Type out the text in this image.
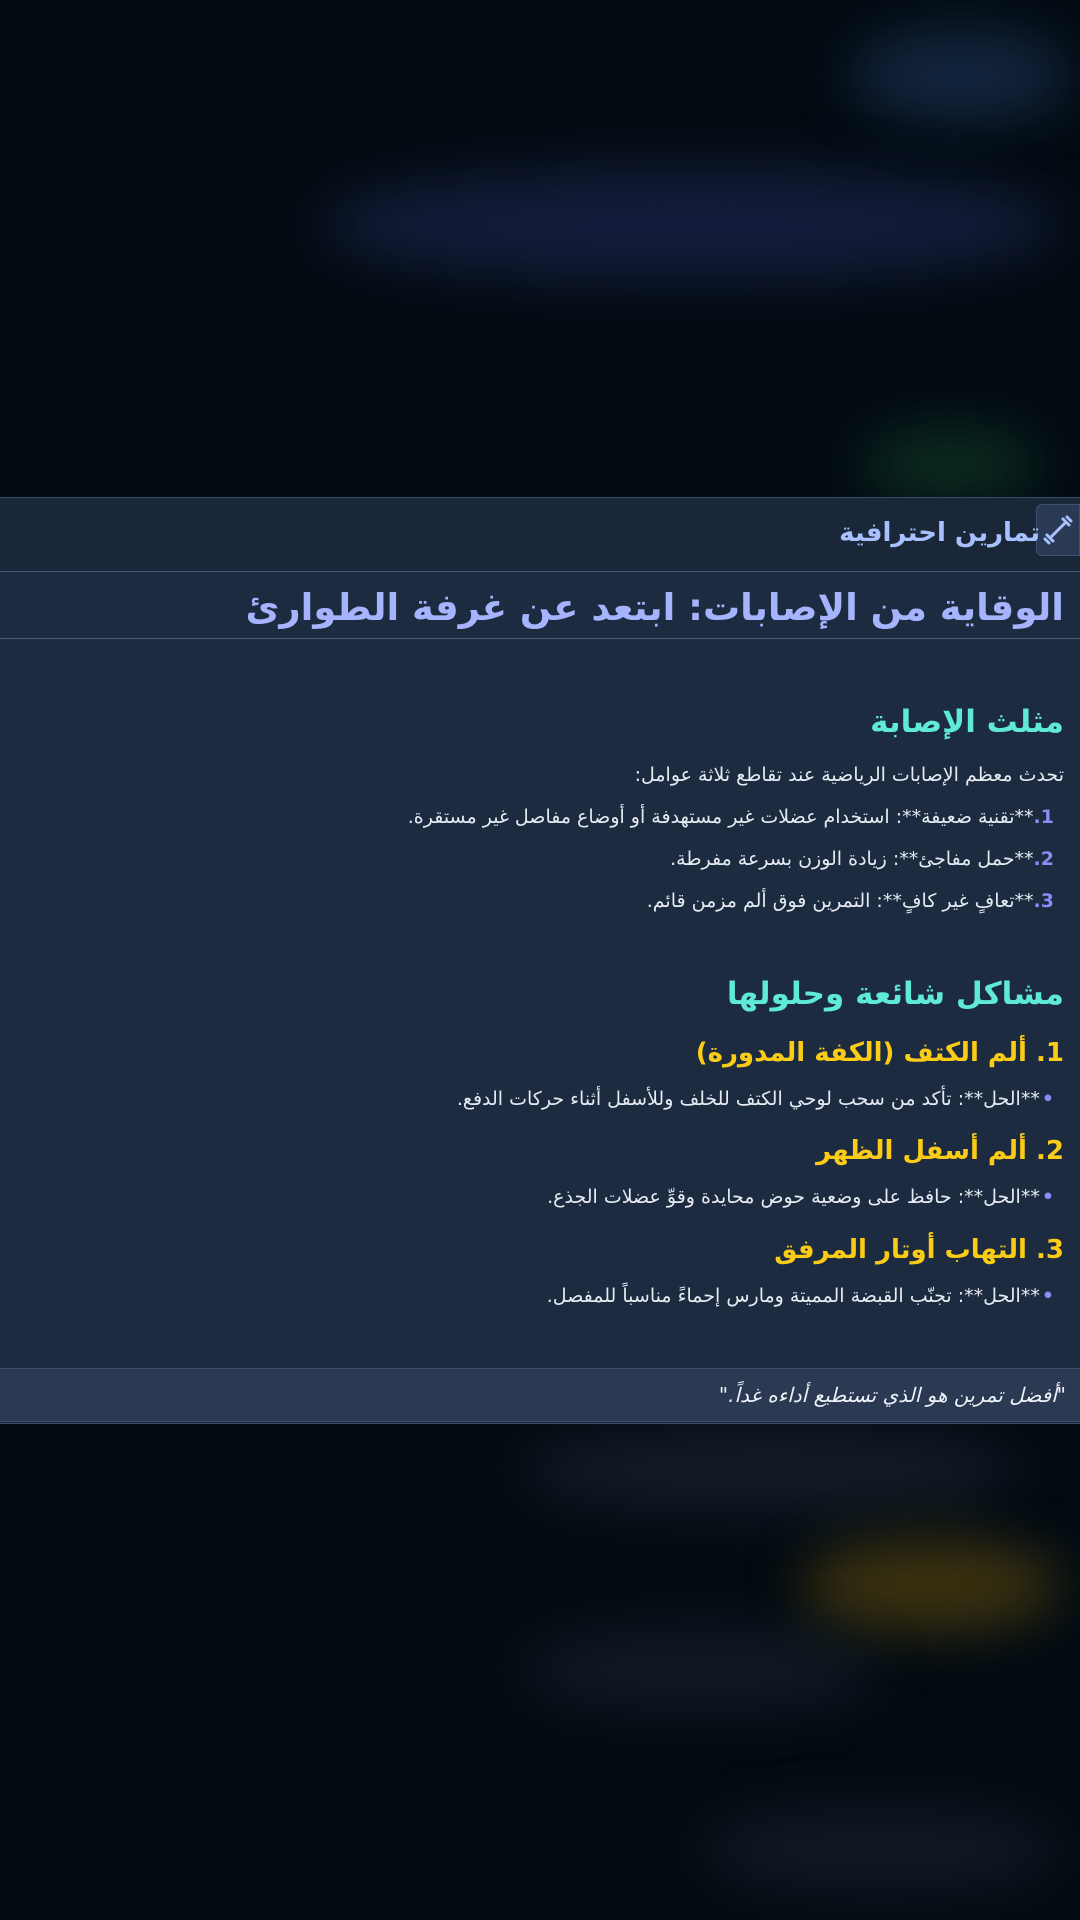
تمارين احترافية
الوقاية من الإصابات: ابتعد عن غرفة الطوارئ
مثلث الإصابة

تحدث معظم الإصابات الرياضية عند تقاطع ثلاثة عوامل:

1.**تقنية ضعيفة**: استخدام عضلات غير مستهدفة أو أوضاع مفاصل غير مستقرة.
2.**حمل مفاجئ**: زيادة الوزن بسرعة مفرطة.
3.**تعافٍ غير كافٍ**: التمرين فوق ألم مزمن قائم.
مشاكل شائعة وحلولها
1. ألم الكتف (الكفة المدورة)
•**الحل**: تأكد من سحب لوحي الكتف للخلف وللأسفل أثناء حركات الدفع.
2. ألم أسفل الظهر
•**الحل**: حافظ على وضعية حوض محايدة وقوِّ عضلات الجذع.
3. التهاب أوتار المرفق
•**الحل**: تجنّب القبضة المميتة ومارس إحماءً مناسباً للمفصل.
"أفضل تمرين هو الذي تستطيع أداءه غداً."
